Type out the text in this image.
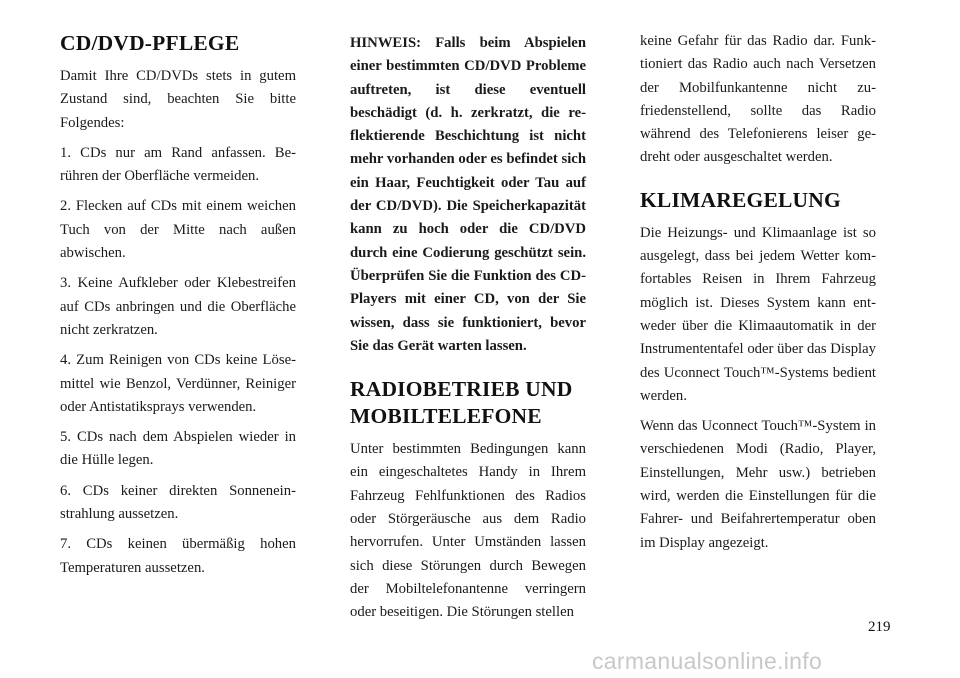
CD/DVD-PFLEGE

Damit Ihre CD/DVDs stets in gutem Zustand sind, beachten Sie bitte Folgendes:

1. CDs nur am Rand anfassen. Berühren der Oberfläche vermeiden.

2. Flecken auf CDs mit einem weichen Tuch von der Mitte nach außen abwischen.

3. Keine Aufkleber oder Klebestreifen auf CDs anbringen und die Oberfläche nicht zerkratzen.

4. Zum Reinigen von CDs keine Lösemittel wie Benzol, Verdünner, Reiniger oder Antistatiksprays verwenden.

5. CDs nach dem Abspielen wieder in die Hülle legen.

6. CDs keiner direkten Sonneneinstrahlung aussetzen.

7. CDs keinen übermäßig hohen Temperaturen aussetzen.

HINWEIS: Falls beim Abspielen einer bestimmten CD/DVD Probleme auftreten, ist diese eventuell beschädigt (d. h. zerkratzt, die reflektierende Beschichtung ist nicht mehr vorhanden oder es befindet sich ein Haar, Feuchtigkeit oder Tau auf der CD/DVD). Die Speicherkapazität kann zu hoch oder die CD/DVD durch eine Codierung geschützt sein. Überprüfen Sie die Funktion des CD-Players mit einer CD, von der Sie wissen, dass sie funktioniert, bevor Sie das Gerät warten lassen.

RADIOBETRIEB UND
MOBILTELEFONE

Unter bestimmten Bedingungen kann ein eingeschaltetes Handy in Ihrem Fahrzeug Fehlfunktionen des Radios oder Störgeräusche aus dem Radio hervorrufen. Unter Umständen lassen sich diese Störungen durch Bewegen der Mobiltelefonantenne verringern oder beseitigen. Die Störungen stellen

keine Gefahr für das Radio dar. Funktioniert das Radio auch nach Versetzen der Mobilfunkantenne nicht zufriedenstellend, sollte das Radio während des Telefonierens leiser gedreht oder ausgeschaltet werden.

KLIMAREGELUNG

Die Heizungs- und Klimaanlage ist so ausgelegt, dass bei jedem Wetter komfortables Reisen in Ihrem Fahrzeug möglich ist. Dieses System kann entweder über die Klimaautomatik in der Instrumententafel oder über das Display des Uconnect Touch™-Systems bedient werden.

Wenn das Uconnect Touch™-System in verschiedenen Modi (Radio, Player, Einstellungen, Mehr usw.) betrieben wird, werden die Einstellungen für die Fahrer- und Beifahrertemperatur oben im Display angezeigt.

219
carmanualsonline.info
